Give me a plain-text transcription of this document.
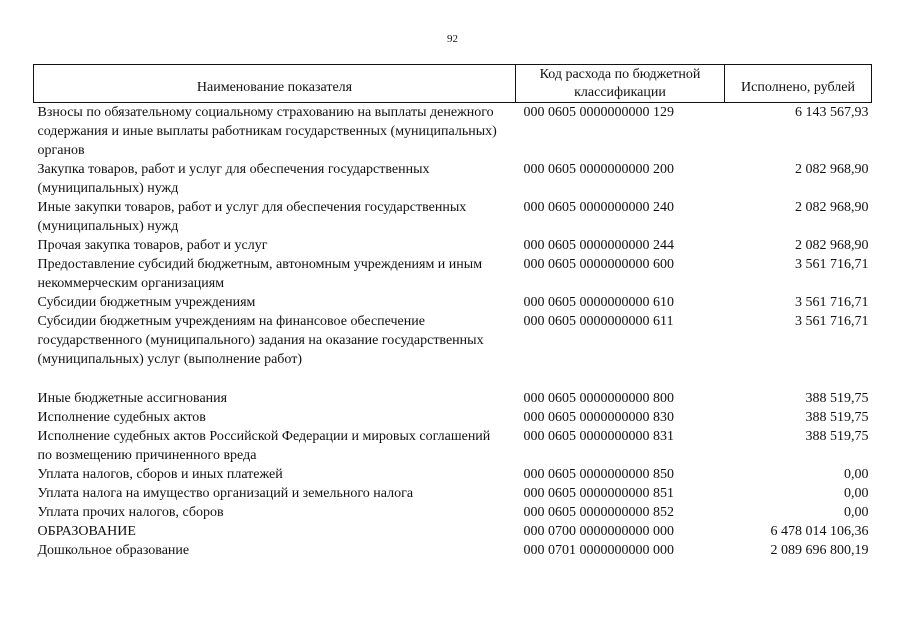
92
Наименование показателя	Код расхода по бюджетной классификации	Исполнено, рублей
Взносы по обязательному социальному страхованию на выплаты денежного содержания и иные выплаты работникам государственных (муниципальных) органов	000 0605 0000000000 129	6 143 567,93
Закупка товаров, работ и услуг для обеспечения государственных (муниципальных) нужд	000 0605 0000000000 200	2 082 968,90
Иные закупки товаров, работ и услуг для обеспечения государственных (муниципальных) нужд	000 0605 0000000000 240	2 082 968,90
Прочая закупка товаров, работ и услуг	000 0605 0000000000 244	2 082 968,90
Предоставление субсидий бюджетным, автономным учреждениям и иным некоммерческим организациям	000 0605 0000000000 600	3 561 716,71
Субсидии бюджетным учреждениям	000 0605 0000000000 610	3 561 716,71
Субсидии бюджетным учреждениям на финансовое обеспечение государственного (муниципального) задания на оказание государственных (муниципальных) услуг (выполнение работ)	000 0605 0000000000 611	3 561 716,71

Иные бюджетные ассигнования	000 0605 0000000000 800	388 519,75
Исполнение судебных актов	000 0605 0000000000 830	388 519,75
Исполнение судебных актов Российской Федерации и мировых соглашений по возмещению причиненного вреда	000 0605 0000000000 831	388 519,75
Уплата налогов, сборов и иных платежей	000 0605 0000000000 850	0,00
Уплата налога на имущество организаций и земельного налога	000 0605 0000000000 851	0,00
Уплата прочих налогов, сборов	000 0605 0000000000 852	0,00
ОБРАЗОВАНИЕ	000 0700 0000000000 000	6 478 014 106,36
Дошкольное образование	000 0701 0000000000 000	2 089 696 800,19
